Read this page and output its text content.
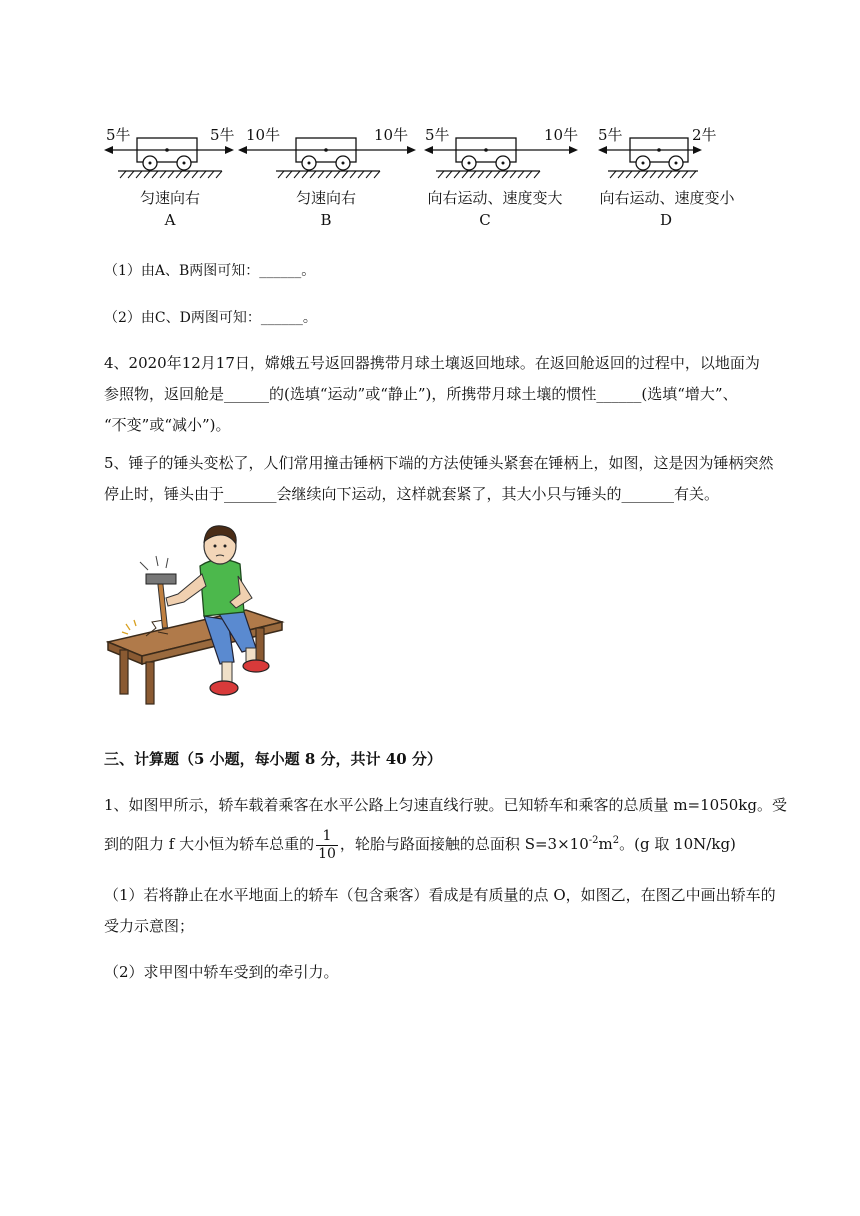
5牛	5牛
匀速向右
A
10牛	10牛
匀速向右
B
5牛	10牛
向右运动、速度变大
C
5牛	2牛
向右运动、速度变小
D
（1）由A、B两图可知：______。
（2）由C、D两图可知：______。
4、2020年12月17日，嫦娥五号返回器携带月球土壤返回地球。在返回舱返回的过程中，以地面为
参照物，返回舱是______的(选填“运动”或“静止”)，所携带月球土壤的惯性______(选填“增大”、
“不变”或“减小”)。
5、锤子的锤头变松了，人们常用撞击锤柄下端的方法使锤头紧套在锤柄上，如图，这是因为锤柄突然
停止时，锤头由于_______会继续向下运动，这样就套紧了，其大小只与锤头的_______有关。
三、计算题（5 小题，每小题 8 分，共计 40 分）
1、如图甲所示，轿车载着乘客在水平公路上匀速直线行驶。已知轿车和乘客的总质量 m=1050kg。受
到的阻力 f 大小恒为轿车总重的 $\frac{1}{10}$ ，轮胎与路面接触的总面积 $S=3\times 10^{-2}m^2$。(g 取 10N/kg)
（1）若将静止在水平地面上的轿车（包含乘客）看成是有质量的点 O，如图乙，在图乙中画出轿车的
受力示意图；
（2）求甲图中轿车受到的牵引力。
